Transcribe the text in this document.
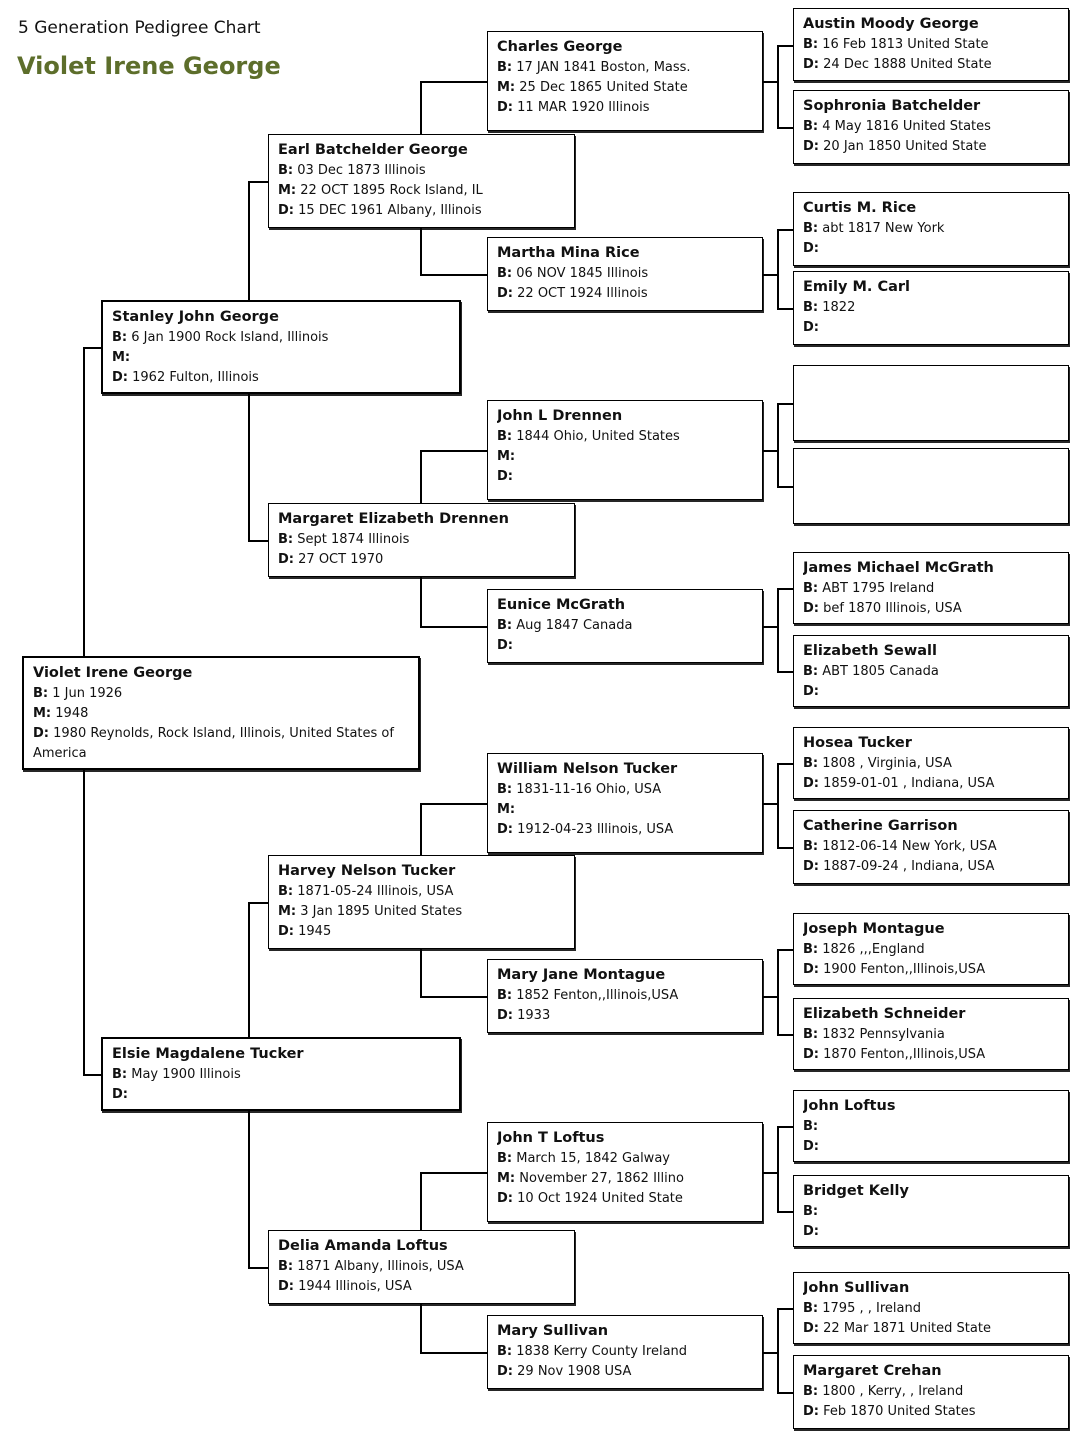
5 Generation Pedigree Chart
Violet Irene George
Violet Irene George
B: 1 Jun 1926
M: 1948
D: 1980 Reynolds, Rock Island, Illinois, United States of America
Stanley John George
B: 6 Jan 1900 Rock Island, Illinois
M:
D: 1962 Fulton, Illinois
Elsie Magdalene Tucker
B: May 1900 Illinois
D:
Earl Batchelder George
B: 03 Dec 1873 Illinois
M: 22 OCT 1895 Rock Island, IL
D: 15 DEC 1961 Albany, Illinois
Margaret Elizabeth Drennen
B: Sept 1874 Illinois
D: 27 OCT 1970
Harvey Nelson Tucker
B: 1871-05-24 Illinois, USA
M: 3 Jan 1895 United States
D: 1945
Delia Amanda Loftus
B: 1871 Albany, Illinois, USA
D: 1944 Illinois, USA
Charles George
B: 17 JAN 1841 Boston, Mass.
M: 25 Dec 1865 United State
D: 11 MAR 1920 Illinois
Martha Mina Rice
B: 06 NOV 1845 Illinois
D: 22 OCT 1924 Illinois
John L Drennen
B: 1844 Ohio, United States
M:
D:
Eunice McGrath
B: Aug 1847 Canada
D:
William Nelson Tucker
B: 1831-11-16 Ohio, USA
M:
D: 1912-04-23 Illinois, USA
Mary Jane Montague
B: 1852 Fenton,,Illinois,USA
D: 1933
John T Loftus
B: March 15, 1842 Galway
M: November 27, 1862 Illino
D: 10 Oct 1924 United State
Mary Sullivan
B: 1838 Kerry County Ireland
D: 29 Nov 1908 USA
Austin Moody George
B: 16 Feb 1813 United State
D: 24 Dec 1888 United State
Sophronia Batchelder
B: 4 May 1816 United States
D: 20 Jan 1850 United State
Curtis M. Rice
B: abt 1817 New York
D:
Emily M. Carl
B: 1822
D:
James Michael McGrath
B: ABT 1795 Ireland
D: bef 1870 Illinois, USA
Elizabeth Sewall
B: ABT 1805 Canada
D:
Hosea Tucker
B: 1808 , Virginia, USA
D: 1859-01-01 , Indiana, USA
Catherine Garrison
B: 1812-06-14 New York, USA
D: 1887-09-24 , Indiana, USA
Joseph Montague
B: 1826 ,,,England
D: 1900 Fenton,,Illinois,USA
Elizabeth Schneider
B: 1832 Pennsylvania
D: 1870 Fenton,,Illinois,USA
John Loftus
B:
D:
Bridget Kelly
B:
D:
John Sullivan
B: 1795 , , Ireland
D: 22 Mar 1871 United State
Margaret Crehan
B: 1800 , Kerry, , Ireland
D: Feb 1870 United States
